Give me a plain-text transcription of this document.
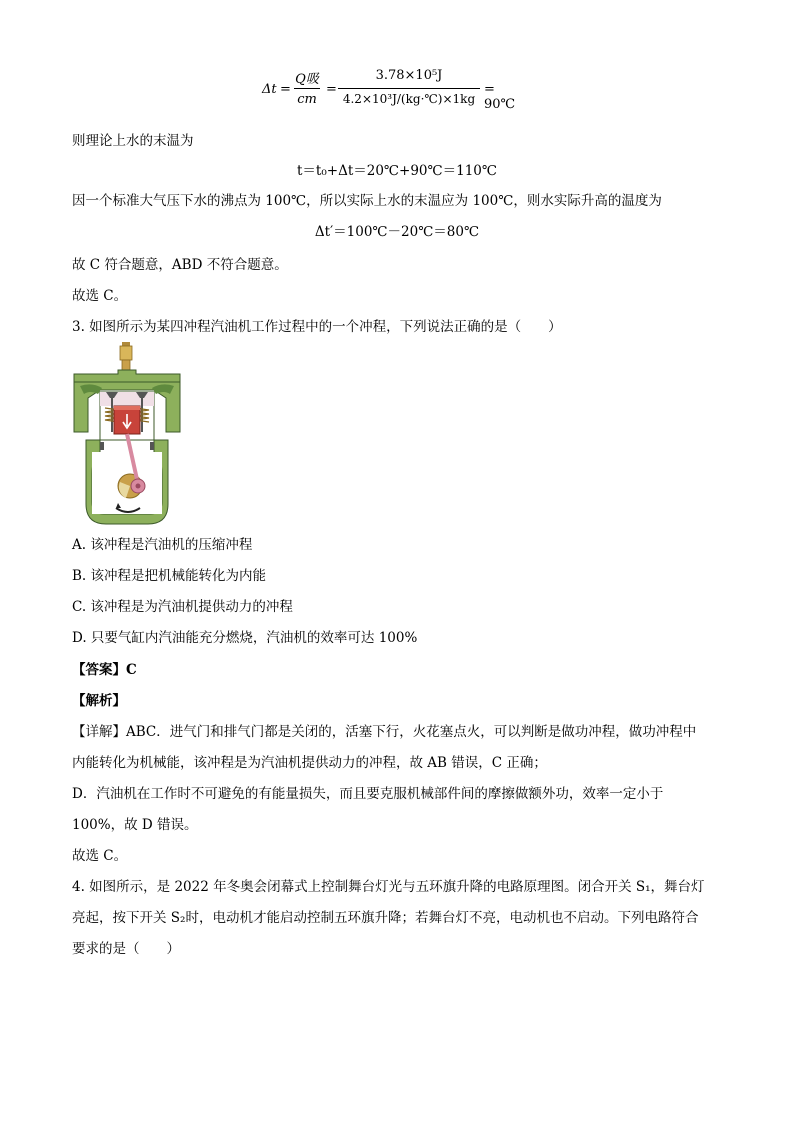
Δt =
Q吸
cm
=
3.78×10⁵J
4.2×10³J/(kg·℃)×1kg
= 90℃
则理论上水的末温为
t＝t₀+Δt＝20℃+90℃＝110℃
因一个标准大气压下水的沸点为 100℃，所以实际上水的末温应为 100℃，则水实际升高的温度为
Δt′＝100℃－20℃＝80℃
故 C 符合题意，ABD 不符合题意。
故选 C。
3. 如图所示为某四冲程汽油机工作过程中的一个冲程，下列说法正确的是（　　）
A. 该冲程是汽油机的压缩冲程
B. 该冲程是把机械能转化为内能
C. 该冲程是为汽油机提供动力的冲程
D. 只要气缸内汽油能充分燃烧，汽油机的效率可达 100%
【答案】C
【解析】
【详解】ABC．进气门和排气门都是关闭的，活塞下行，火花塞点火，可以判断是做功冲程，做功冲程中
内能转化为机械能，该冲程是为汽油机提供动力的冲程，故 AB 错误，C 正确；
D．汽油机在工作时不可避免的有能量损失，而且要克服机械部件间的摩擦做额外功，效率一定小于
100%，故 D 错误。
故选 C。
4. 如图所示，是 2022 年冬奥会闭幕式上控制舞台灯光与五环旗升降的电路原理图。闭合开关 S₁，舞台灯
亮起，按下开关 S₂时，电动机才能启动控制五环旗升降；若舞台灯不亮，电动机也不启动。下列电路符合
要求的是（　　）
